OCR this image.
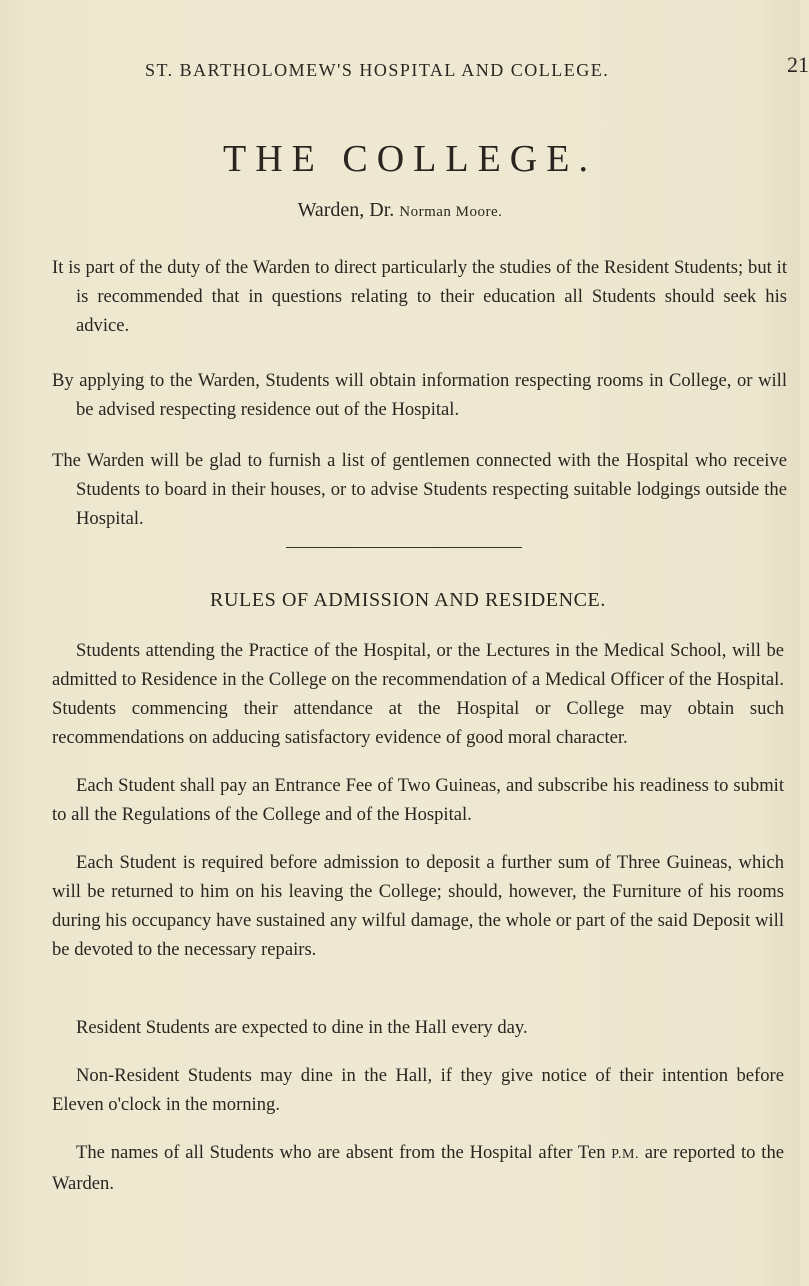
ST. BARTHOLOMEW'S HOSPITAL AND COLLEGE.	21
THE COLLEGE.
Warden, Dr. Norman Moore.

It is part of the duty of the Warden to direct particularly the studies of the Resident Students; but it is recommended that in questions relating to their education all Students should seek his advice.

By applying to the Warden, Students will obtain information respecting rooms in College, or will be advised respecting residence out of the Hospital.

The Warden will be glad to furnish a list of gentlemen connected with the Hospital who receive Students to board in their houses, or to advise Students respecting suitable lodgings outside the Hospital.

RULES OF ADMISSION AND RESIDENCE.

Students attending the Practice of the Hospital, or the Lectures in the Medical School, will be admitted to Residence in the College on the recommendation of a Medical Officer of the Hospital. Students commencing their attendance at the Hospital or College may obtain such recommendations on adducing satisfactory evidence of good moral character.

Each Student shall pay an Entrance Fee of Two Guineas, and subscribe his readiness to submit to all the Regulations of the College and of the Hospital.

Each Student is required before admission to deposit a further sum of Three Guineas, which will be returned to him on his leaving the College; should, however, the Furniture of his rooms during his occupancy have sustained any wilful damage, the whole or part of the said Deposit will be devoted to the necessary repairs.

Resident Students are expected to dine in the Hall every day.

Non-Resident Students may dine in the Hall, if they give notice of their intention before Eleven o'clock in the morning.

The names of all Students who are absent from the Hospital after Ten P.M. are reported to the Warden.
